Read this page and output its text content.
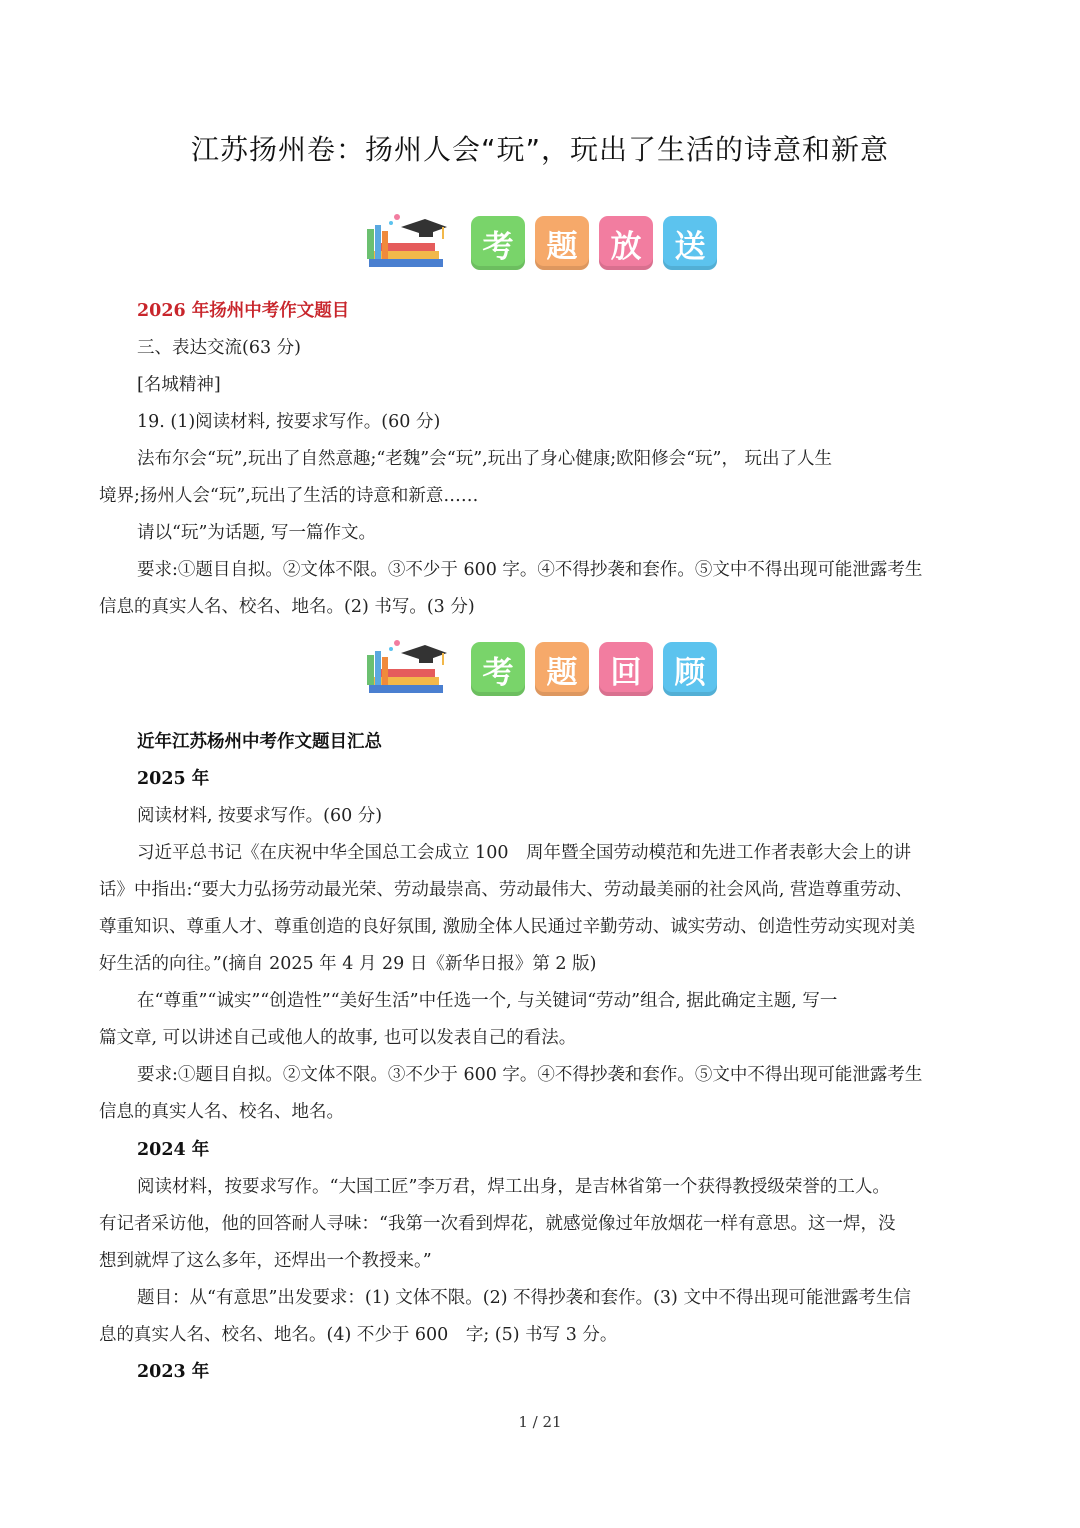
江苏扬州卷：扬州人会“玩”，玩出了生活的诗意和新意
考	题	放	送
2026 年扬州中考作文题目
三、表达交流(63 分)
[名城精神]
19. (1)阅读材料, 按要求写作。(60 分)
法布尔会“玩”,玩出了自然意趣;“老魏”会“玩”,玩出了身心健康;欧阳修会“玩”， 玩出了人生
境界;扬州人会“玩”,玩出了生活的诗意和新意……
请以“玩”为话题, 写一篇作文。
要求:①题目自拟。②文体不限。③不少于 600 字。④不得抄袭和套作。⑤文中不得出现可能泄露考生
信息的真实人名、校名、地名。(2) 书写。(3 分)
考	题	回	顾
近年江苏杨州中考作文题目汇总
2025 年
阅读材料, 按要求写作。(60 分)
习近平总书记《在庆祝中华全国总工会成立 100　周年暨全国劳动模范和先进工作者表彰大会上的讲
话》中指出:“要大力弘扬劳动最光荣、劳动最崇高、劳动最伟大、劳动最美丽的社会风尚, 营造尊重劳动、
尊重知识、尊重人才、尊重创造的良好氛围, 激励全体人民通过辛勤劳动、诚实劳动、创造性劳动实现对美
好生活的向往。”(摘自 2025 年 4 月 29 日《新华日报》第 2 版)
在“尊重”“诚实”“创造性”“美好生活”中任选一个, 与关键词“劳动”组合, 据此确定主题, 写一
篇文章, 可以讲述自己或他人的故事, 也可以发表自己的看法。
要求:①题目自拟。②文体不限。③不少于 600 字。④不得抄袭和套作。⑤文中不得出现可能泄露考生
信息的真实人名、校名、地名。
2024 年
阅读材料，按要求写作。“大国工匠”李万君，焊工出身，是吉林省第一个获得教授级荣誉的工人。
有记者采访他，他的回答耐人寻味：“我第一次看到焊花，就感觉像过年放烟花一样有意思。这一焊，没
想到就焊了这么多年，还焊出一个教授来。”
题目：从“有意思”出发要求：(1) 文体不限。(2) 不得抄袭和套作。(3) 文中不得出现可能泄露考生信
息的真实人名、校名、地名。(4) 不少于 600　字; (5) 书写 3 分。
2023 年
1 / 21
